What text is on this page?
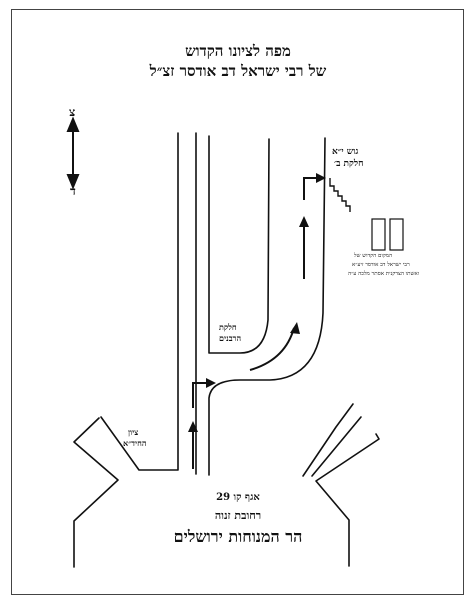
מפה לציונו הקדוש
של רבי ישראל דב אודסר זצ״ל
צ
ד
גוש י״א
חלקת ב׳
המקום הקדוש של
רבי ישראל דב אודסר זיע״א
ואשתו הצדקנית אסתר מלכה ע״ה
חלקת
הרבנים
ציון
החיד״א
אגף קו 29
רחובת זנוה
הר המנוחות ירושלים
